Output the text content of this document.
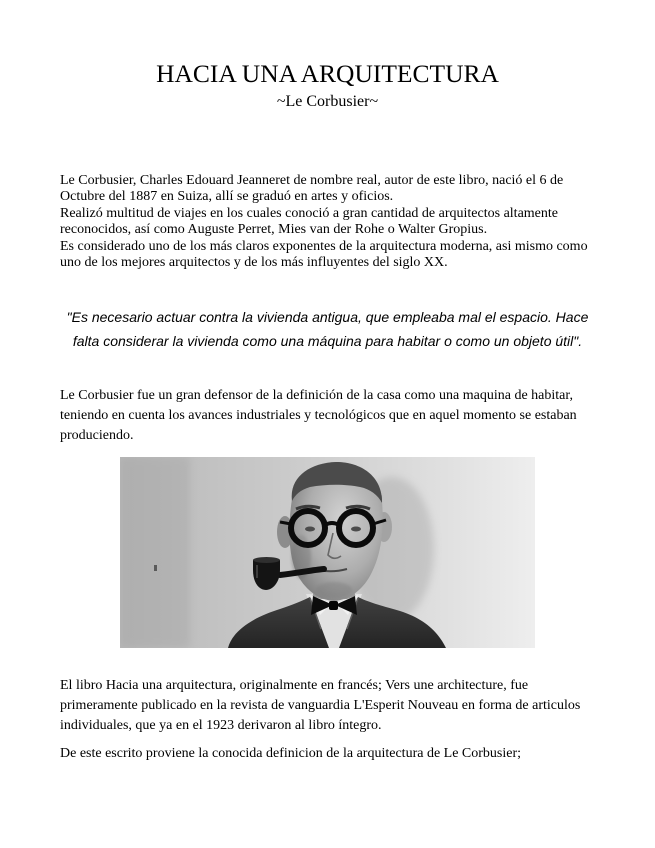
HACIA UNA ARQUITECTURA
~Le Corbusier~
Le Corbusier, Charles Edouard Jeanneret de nombre real, autor de este libro, nació el 6 de
Octubre del 1887 en Suiza, allí se graduó en artes y oficios.
Realizó multitud de viajes en los cuales conoció a gran cantidad de arquitectos altamente
reconocidos, así como Auguste Perret, Mies van der Rohe o Walter Gropius.
Es considerado uno de los más claros exponentes de la arquitectura moderna, asi mismo como
uno de los mejores arquitectos y de los más influyentes del siglo XX.
"Es necesario actuar contra la vivienda antigua, que empleaba mal el espacio. Hace
falta considerar la vivienda como una máquina para habitar o como un objeto útil".
Le Corbusier fue un gran defensor de la definición de la casa como una maquina de habitar,
teniendo en cuenta los avances industriales y tecnológicos que en aquel momento se estaban
produciendo.
El libro Hacia una arquitectura, originalmente en francés; Vers une architecture, fue
primeramente publicado en la revista de vanguardia L'Esperit Nouveau en forma de articulos
individuales, que ya en el 1923 derivaron al libro íntegro.
De este escrito proviene la conocida definicion de la arquitectura de Le Corbusier;
